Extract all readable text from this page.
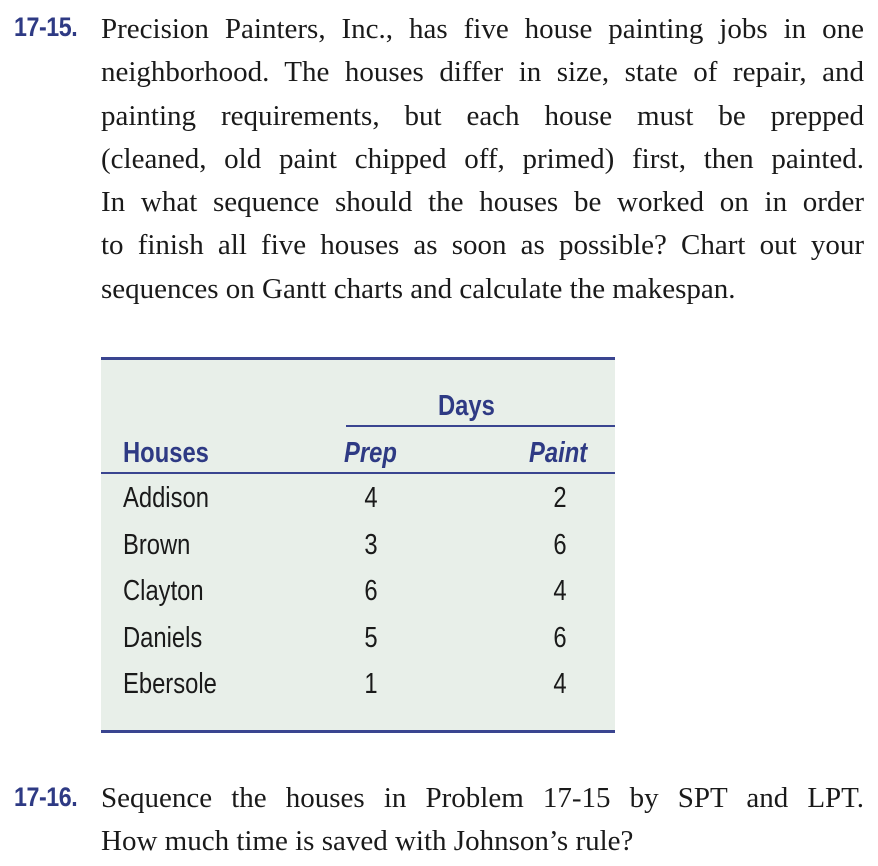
17-15. Precision Painters, Inc., has five house painting jobs in one
neighborhood. The houses differ in size, state of repair, and
painting requirements, but each house must be prepped
(cleaned, old paint chipped off, primed) first, then painted.
In what sequence should the houses be worked on in order
to finish all five houses as soon as possible? Chart out your
sequences on Gantt charts and calculate the makespan.
Days
Houses	Prep	Paint
Addison	4	2
Brown	3	6
Clayton	6	4
Daniels	5	6
Ebersole	1	4
17-16. Sequence the houses in Problem 17-15 by SPT and LPT.
How much time is saved with Johnson’s rule?
